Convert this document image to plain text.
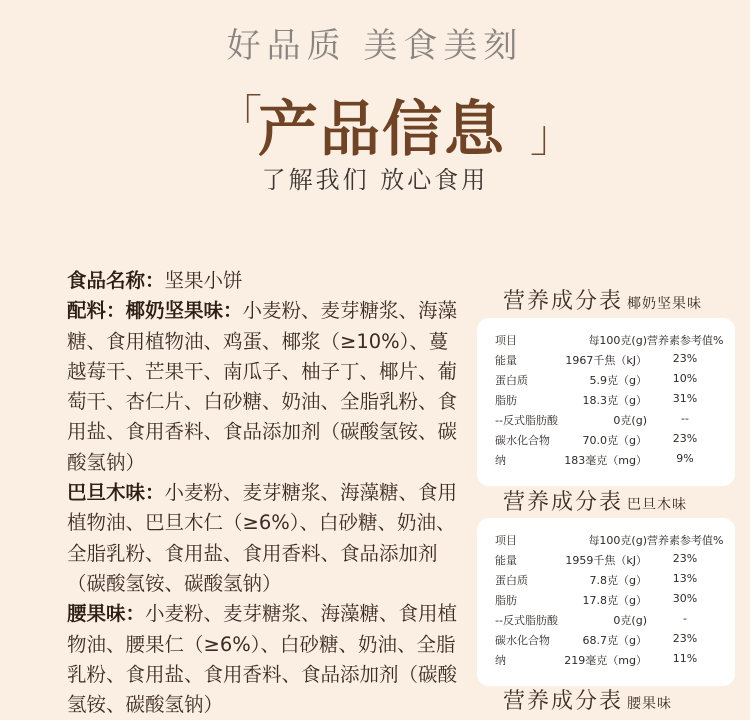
好品质 美食美刻
「
产品信息 」
了解我们 放心食用

食品名称：坚果小饼

配料：椰奶坚果味：小麦粉、麦芽糖浆、海藻糖、食用植物油、鸡蛋、椰浆（≥10%）、蔓越莓干、芒果干、南瓜子、柚子丁、椰片、葡萄干、杏仁片、白砂糖、奶油、全脂乳粉、食用盐、食用香料、食品添加剂（碳酸氢铵、碳酸氢钠）

巴旦木味：小麦粉、麦芽糖浆、海藻糖、食用植物油、巴旦木仁（≥6%）、白砂糖、奶油、全脂乳粉、食用盐、食用香料、食品添加剂（碳酸氢铵、碳酸氢钠）

腰果味：小麦粉、麦芽糖浆、海藻糖、食用植物油、腰果仁（≥6%）、白砂糖、奶油、全脂乳粉、食用盐、食用香料、食品添加剂（碳酸氢铵、碳酸氢钠）

营养成分表 椰奶坚果味
项目	每100克(g) 营养素参考值%
能量	1967千焦（kJ）	23%
蛋白质	5.9克（g）	10%
脂肪	18.3克（g）	31%
--反式脂肪酸	0克(g)	--
碳水化合物	70.0克（g）	23%
纳	183毫克（mg）	9%
营养成分表 巴旦木味
项目	每100克(g) 营养素参考值%
能量	1959千焦（kJ）	23%
蛋白质	7.8克（g）	13%
脂肪	17.8克（g）	30%
--反式脂肪酸	0克(g)	-
碳水化合物	68.7克（g）	23%
纳	219毫克（mg）	11%
营养成分表 腰果味
